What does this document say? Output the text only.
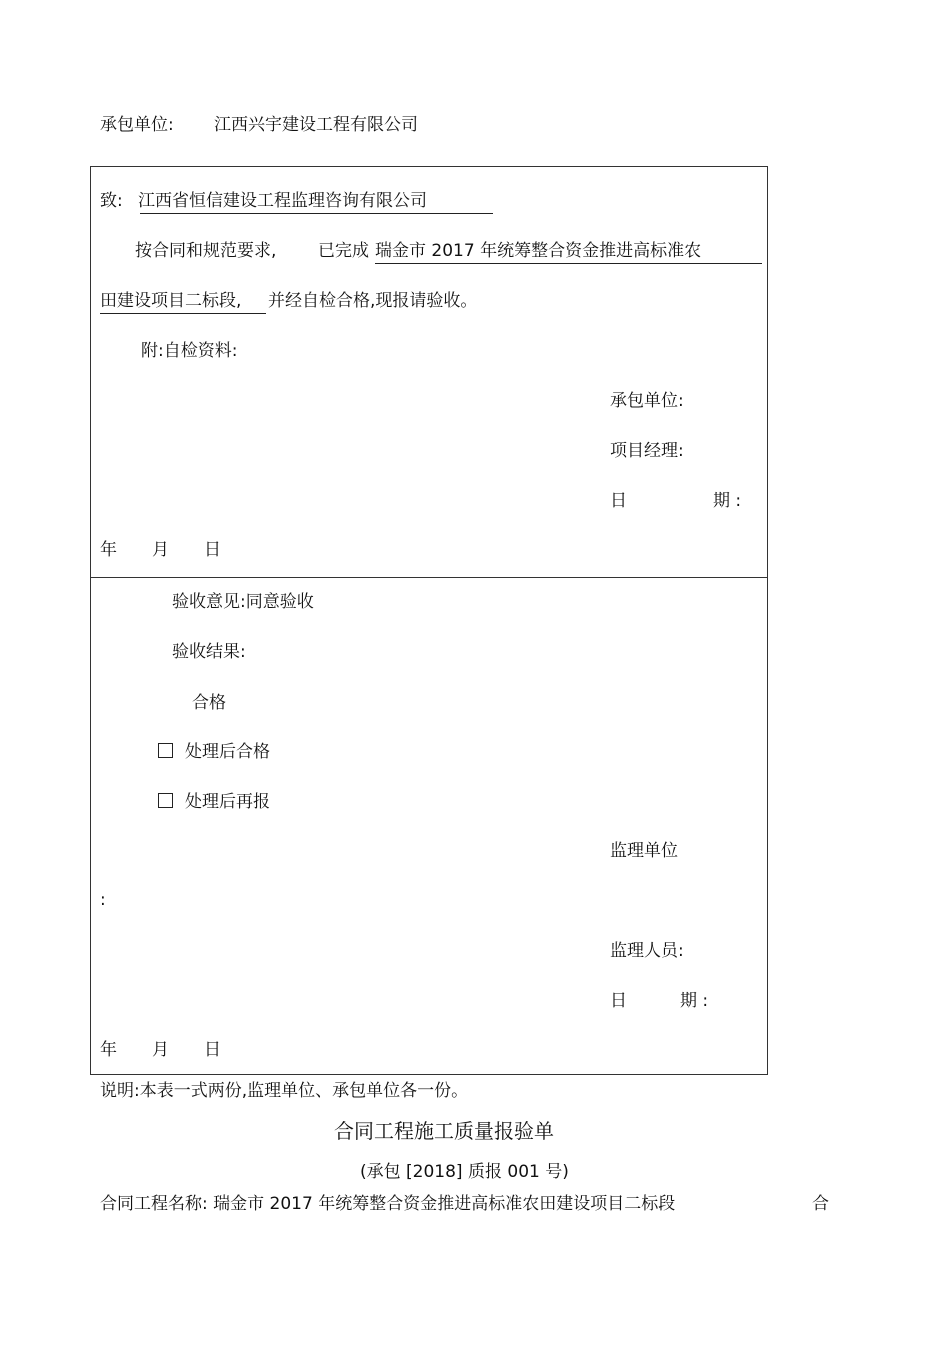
承包单位: 江西兴宇建设工程有限公司
致: 江西省恒信建设工程监理咨询有限公司
按合同和规范要求, 已完成 瑞金市 2017 年统筹整合资金推进高标准农
田建设项目二标段, 并经自检合格,现报请验收。
附:自检资料:
承包单位:
项目经理:
日	期 :
年 月 日
验收意见:同意验收
验收结果:
合格
处理后合格
处理后再报
监理单位
:
监理人员:
日	期 :
年 月 日
说明:本表一式两份,监理单位、承包单位各一份。
合同工程施工质量报验单
(承包 [2018] 质报 001 号)
合同工程名称: 瑞金市 2017 年统筹整合资金推进高标准农田建设项目二标段	合
